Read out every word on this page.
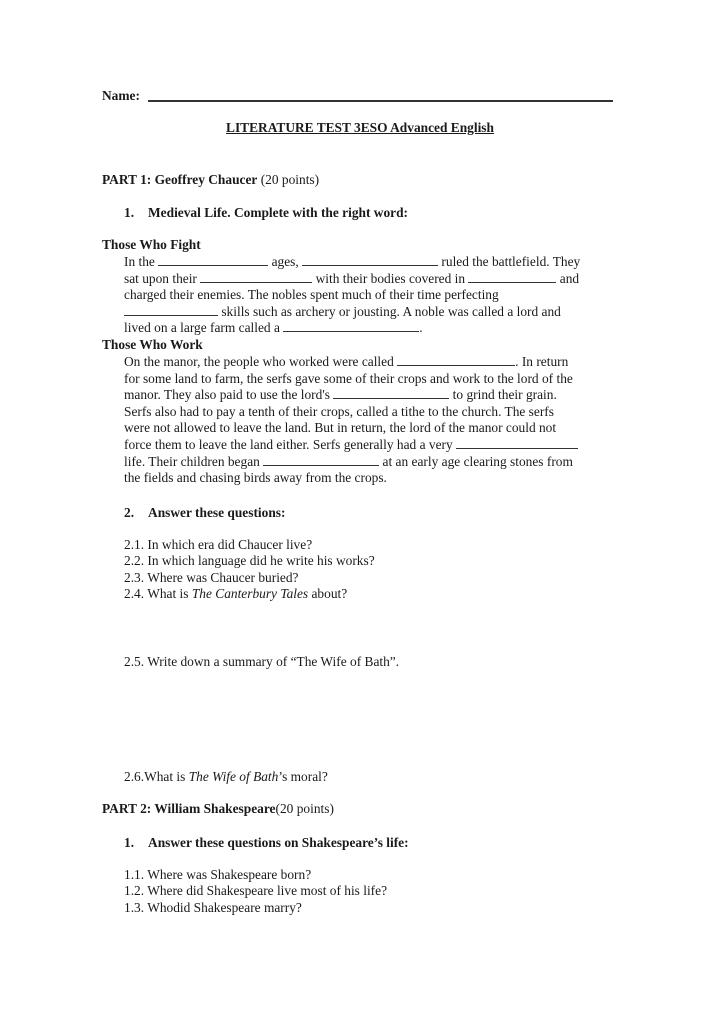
Name:
LITERATURE TEST 3ESO Advanced English
PART 1: Geoffrey Chaucer (20 points)
1. Medieval Life. Complete with the right word:
Those Who Fight
In the	ages,	ruled the battlefield. They
sat upon their	with their bodies covered in	and
charged their enemies. The nobles spent much of their time perfecting
skills such as archery or jousting. A noble was called a lord and
lived on a large farm called a	.
Those Who Work
On the manor, the people who worked were called	. In return
for some land to farm, the serfs gave some of their crops and work to the lord of the
manor. They also paid to use the lord's	to grind their grain.
Serfs also had to pay a tenth of their crops, called a tithe to the church. The serfs
were not allowed to leave the land. But in return, the lord of the manor could not
force them to leave the land either. Serfs generally had a very
life. Their children began	at an early age clearing stones from
the fields and chasing birds away from the crops.
2. Answer these questions:
2.1. In which era did Chaucer live?
2.2. In which language did he write his works?
2.3. Where was Chaucer buried?
2.4. What is The Canterbury Tales about?
2.5. Write down a summary of “The Wife of Bath”.
2.6.What is The Wife of Bath’s moral?
PART 2: William Shakespeare(20 points)
1. Answer these questions on Shakespeare’s life:
1.1. Where was Shakespeare born?
1.2. Where did Shakespeare live most of his life?
1.3. Whodid Shakespeare marry?
